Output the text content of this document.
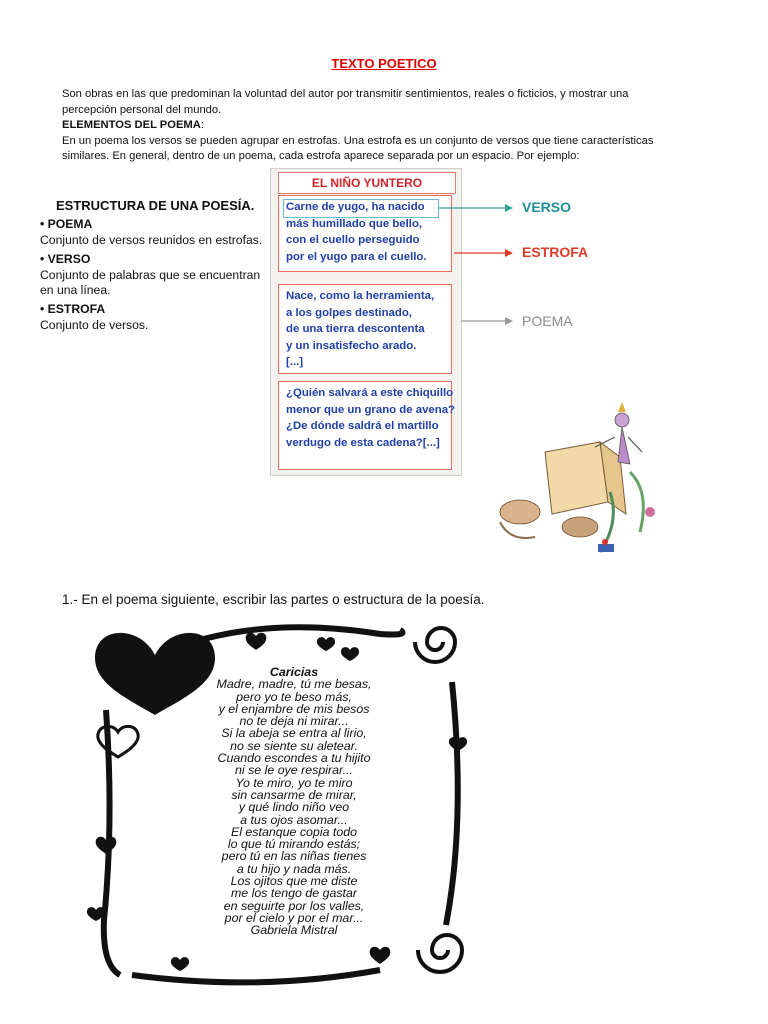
TEXTO POETICO

Son obras en las que predominan la voluntad del autor por transmitir sentimientos, reales o ficticios, y mostrar una percepción personal del mundo.

ELEMENTOS DEL POEMA:

En un poema los versos se pueden agrupar en estrofas. Una estrofa es un conjunto de versos que tiene características similares. En general, dentro de un poema, cada estrofa aparece separada por un espacio. Por ejemplo:

ESTRUCTURA DE UNA POESÍA.
• POEMA

Conjunto de versos reunidos en estrofas.

• VERSO

Conjunto de palabras que se encuentran en una línea.

• ESTROFA

Conjunto de versos.

EL NIÑO YUNTERO
Carne de yugo, ha nacido
más humillado que bello,
con el cuello perseguido
por el yugo para el cuello.
Nace, como la herramienta,
a los golpes destinado,
de una tierra descontenta
y un insatisfecho arado.
[...]
¿Quién salvará a este chiquillo
menor que un grano de avena?
¿De dónde saldrá el martillo
verdugo de esta cadena?[...]
VERSO
ESTROFA
POEMA
1.- En el poema siguiente, escribir las partes o estructura de la poesía.
Caricias
Madre, madre, tú me besas,
pero yo te beso más,
y el enjambre de mis besos
no te deja ni mirar...
Si la abeja se entra al lirio,
no se siente su aletear.
Cuando escondes a tu hijito
ni se le oye respirar...
Yo te miro, yo te miro
sin cansarme de mirar,
y qué lindo niño veo
a tus ojos asomar...
El estanque copia todo
lo que tú mirando estás;
pero tú en las niñas tienes
a tu hijo y nada más.
Los ojitos que me diste
me los tengo de gastar
en seguirte por los valles,
por el cielo y por el mar...
Gabriela Mistral
